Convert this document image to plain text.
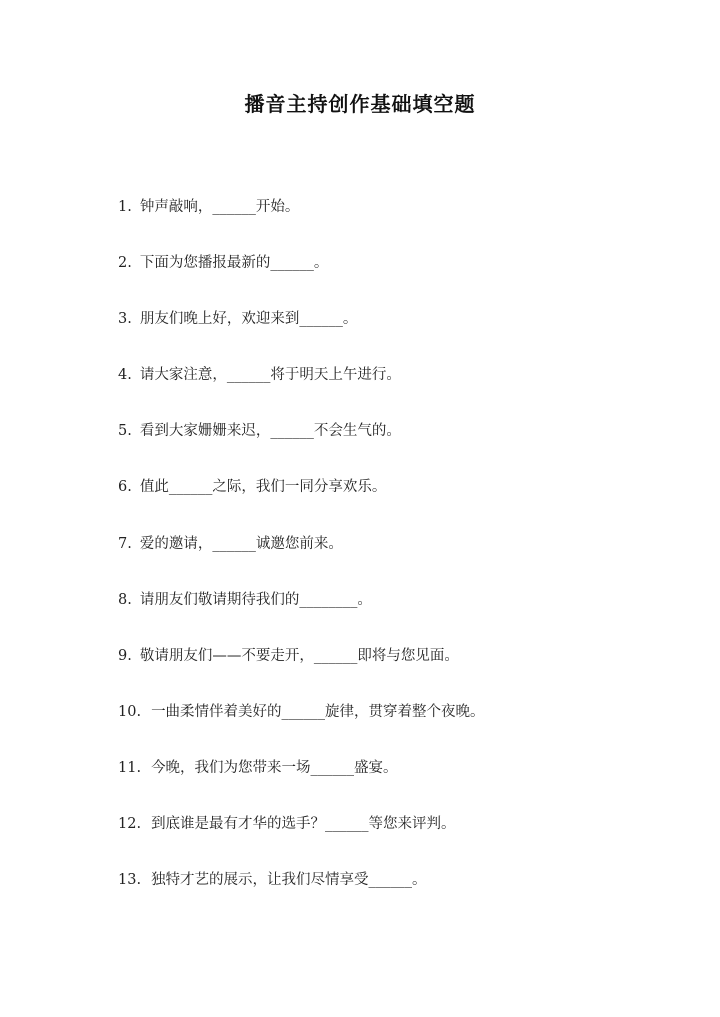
播音主持创作基础填空题
1. 钟声敲响，______开始。
2. 下面为您播报最新的______。
3. 朋友们晚上好，欢迎来到______。
4. 请大家注意，______将于明天上午进行。
5. 看到大家姗姗来迟，______不会生气的。
6. 值此______之际，我们一同分享欢乐。
7. 爱的邀请，______诚邀您前来。
8. 请朋友们敬请期待我们的________。
9. 敬请朋友们——不要走开，______即将与您见面。
10. 一曲柔情伴着美好的______旋律，贯穿着整个夜晚。
11. 今晚，我们为您带来一场______盛宴。
12. 到底谁是最有才华的选手？______等您来评判。
13. 独特才艺的展示，让我们尽情享受______。
